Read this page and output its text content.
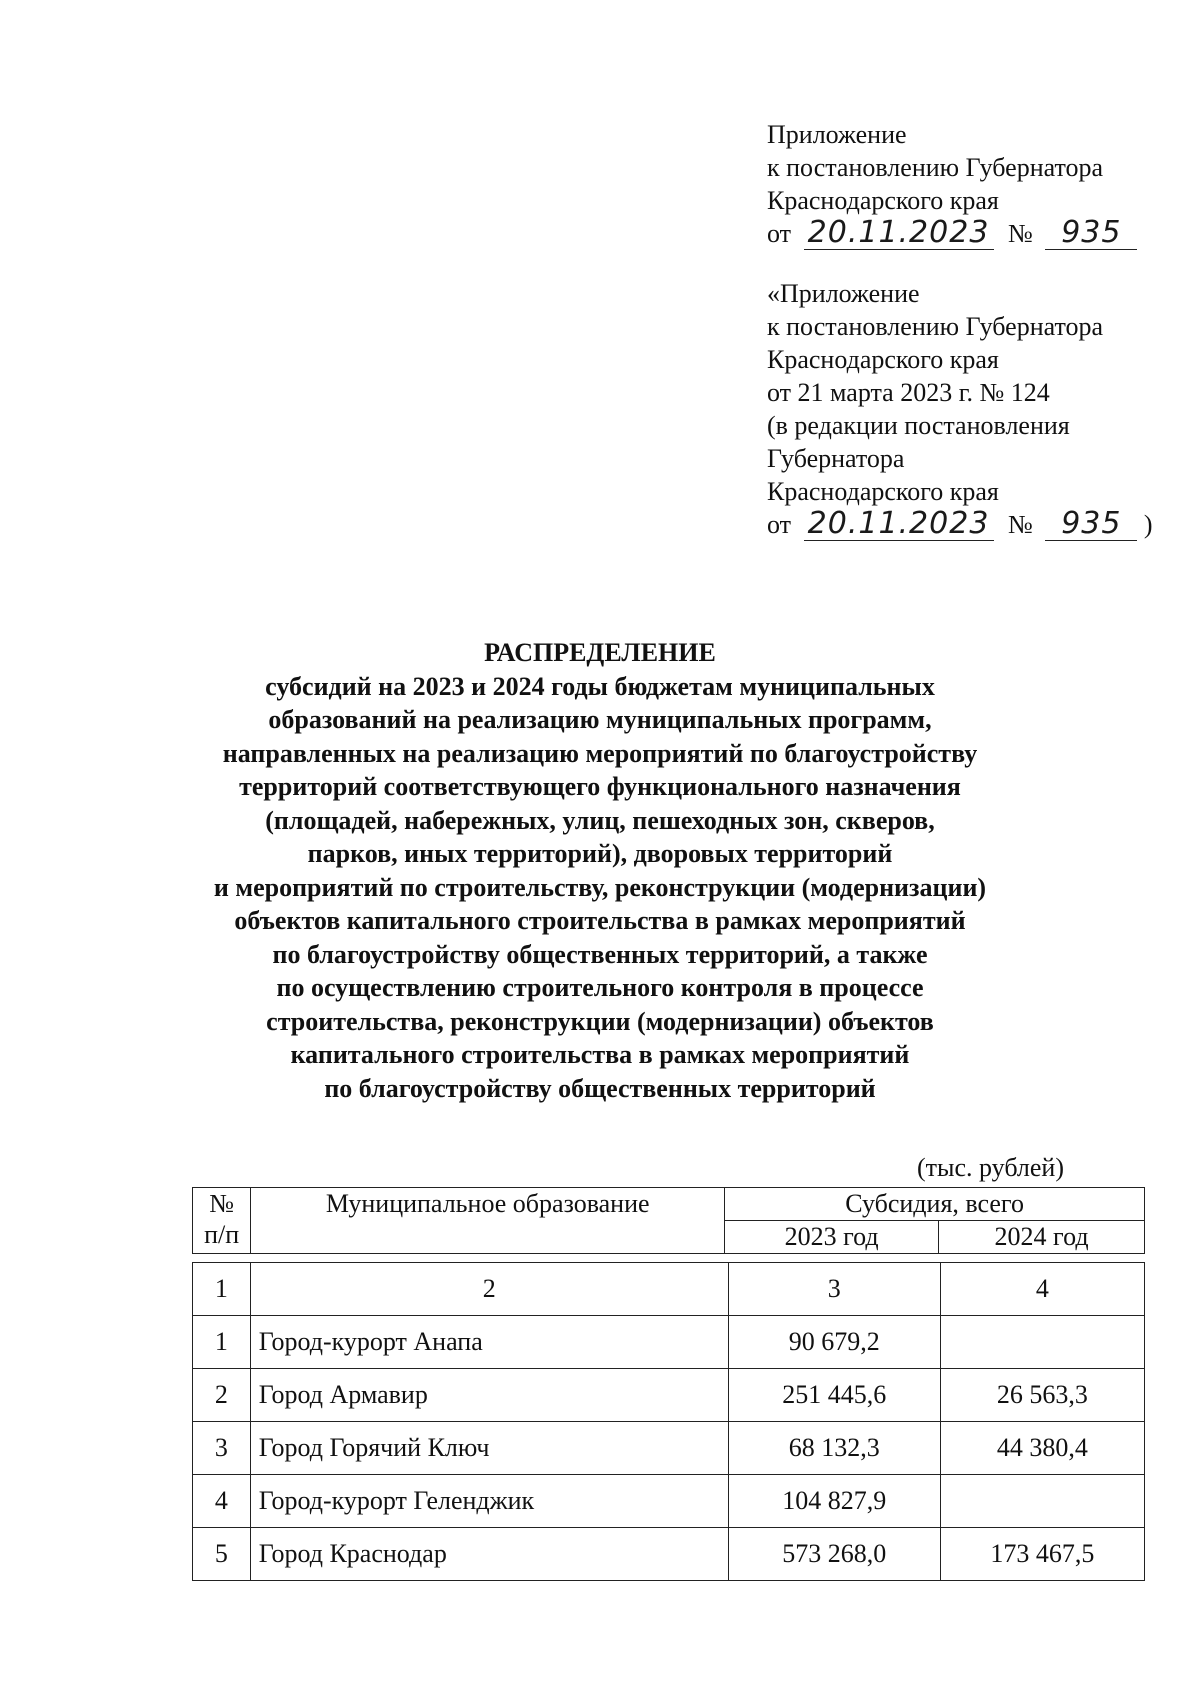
Приложение
к постановлению Губернатора
Краснодарского края
от 20.11.2023 № 935
«Приложение
к постановлению Губернатора
Краснодарского края
от 21 марта 2023 г. № 124
(в редакции постановления
Губернатора
Краснодарского края
от 20.11.2023 № 935 )
РАСПРЕДЕЛЕНИЕ
субсидий на 2023 и 2024 годы бюджетам муниципальных
образований на реализацию муниципальных программ,
направленных на реализацию мероприятий по благоустройству
территорий соответствующего функционального назначения
(площадей, набережных, улиц, пешеходных зон, скверов,
парков, иных территорий), дворовых территорий
и мероприятий по строительству, реконструкции (модернизации)
объектов капитального строительства в рамках мероприятий
по благоустройству общественных территорий, а также
по осуществлению строительного контроля в процессе
строительства, реконструкции (модернизации) объектов
капитального строительства в рамках мероприятий
по благоустройству общественных территорий
(тыс. рублей)
№
п/п	Муниципальное образование	Субсидия, всего	
		2023 год	2024 год
1	2	3	4
1	Город-курорт Анапа	90 679,2	
2	Город Армавир	251 445,6	26 563,3
3	Город Горячий Ключ	68 132,3	44 380,4
4	Город-курорт Геленджик	104 827,9	
5	Город Краснодар	573 268,0	173 467,5
